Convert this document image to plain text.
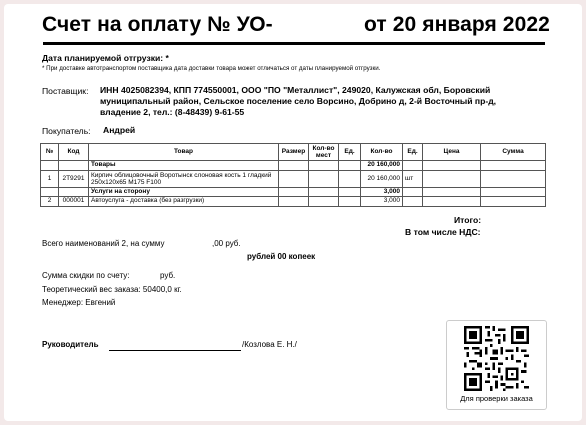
Счет на оплату № УО-	от 20 января 2022
Дата планируемой отгрузки: *
* При доставке автотранспортом поставщика дата доставки товара может отличаться от даты планируемой отгрузки.
Поставщик: ИНН 4025082394, КПП 774550001, ООО "ПО "Металлист", 249020, Калужская обл, Боровский
муниципальный район, Сельское поселение село Ворсино, Добрино д, 2-й Восточный пр-д,
владение 2, тел.: (8-48439) 9-61-55
Покупатель: Андрей
№	Код	Товар	Размер	Кол-во мест	Ед.	Кол-во	Ед.	Цена	Сумма
		Товары				20 160,000			
1	2Т9291	Кирпич облицовочный Воротынск слоновая кость 1 гладкий 250х120х65 М175 F100				20 160,000	шт		
		Услуги на сторону				3,000			
2	000001	Автоуслуга - доставка (без разгрузки)				3,000			
Итого:
В том числе НДС:
Всего наименований 2, на сумму	,00 руб.
рублей 00 копеек
Сумма скидки по счету:	руб.
Теоретический вес заказа: 50400,0 кг.
Менеджер: Евгений
Руководитель	/Козлова Е. Н./
Для проверки заказа
